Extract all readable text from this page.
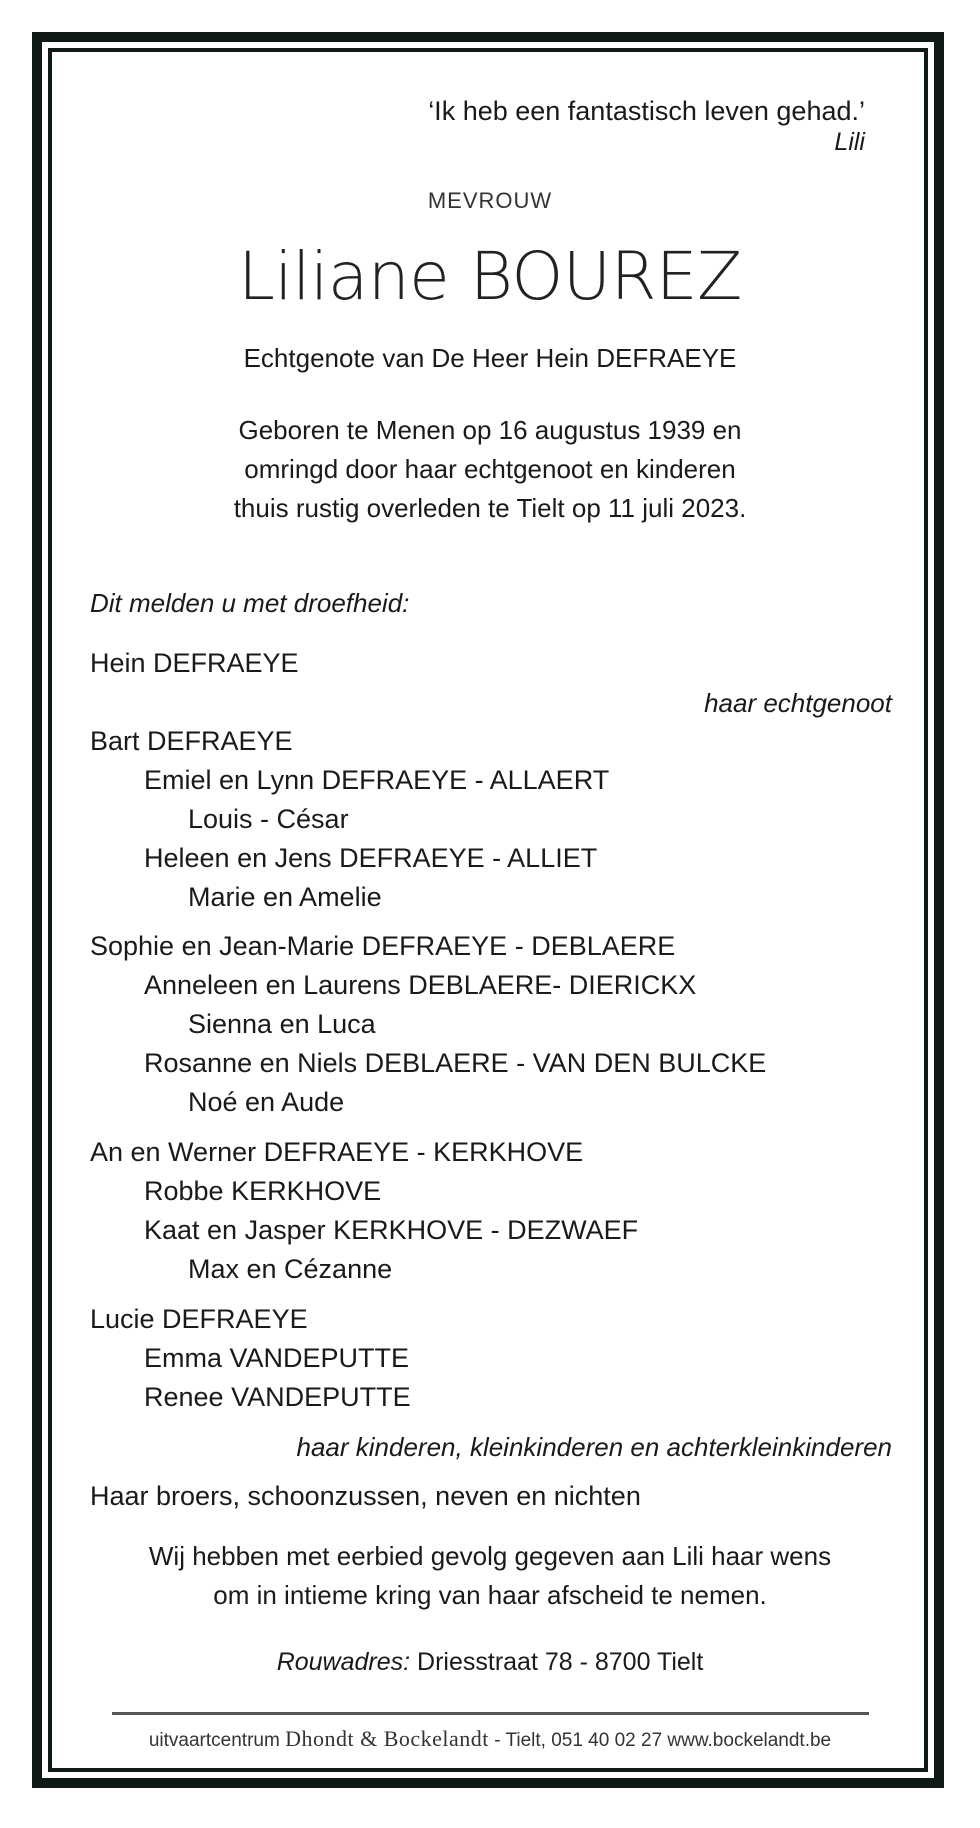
‘Ik heb een fantastisch leven gehad.’
Lili
MEVROUW
Liliane BOUREZ
Echtgenote van De Heer Hein DEFRAEYE
Geboren te Menen op 16 augustus 1939 en
omringd door haar echtgenoot en kinderen
thuis rustig overleden te Tielt op 11 juli 2023.
Dit melden u met droefheid:
Hein DEFRAEYE
haar echtgenoot
Bart DEFRAEYE
Emiel en Lynn DEFRAEYE - ALLAERT
Louis - César
Heleen en Jens DEFRAEYE - ALLIET
Marie en Amelie
Sophie en Jean-Marie DEFRAEYE - DEBLAERE
Anneleen en Laurens DEBLAERE- DIERICKX
Sienna en Luca
Rosanne en Niels DEBLAERE - VAN DEN BULCKE
Noé en Aude
An en Werner DEFRAEYE - KERKHOVE
Robbe KERKHOVE
Kaat en Jasper KERKHOVE - DEZWAEF
Max en Cézanne
Lucie DEFRAEYE
Emma VANDEPUTTE
Renee VANDEPUTTE
haar kinderen, kleinkinderen en achterkleinkinderen
Haar broers, schoonzussen, neven en nichten
Wij hebben met eerbied gevolg gegeven aan Lili haar wens
om in intieme kring van haar afscheid te nemen.
Rouwadres: Driesstraat 78 - 8700 Tielt
uitvaartcentrum Dhondt & Bockelandt - Tielt, 051 40 02 27 www.bockelandt.be
